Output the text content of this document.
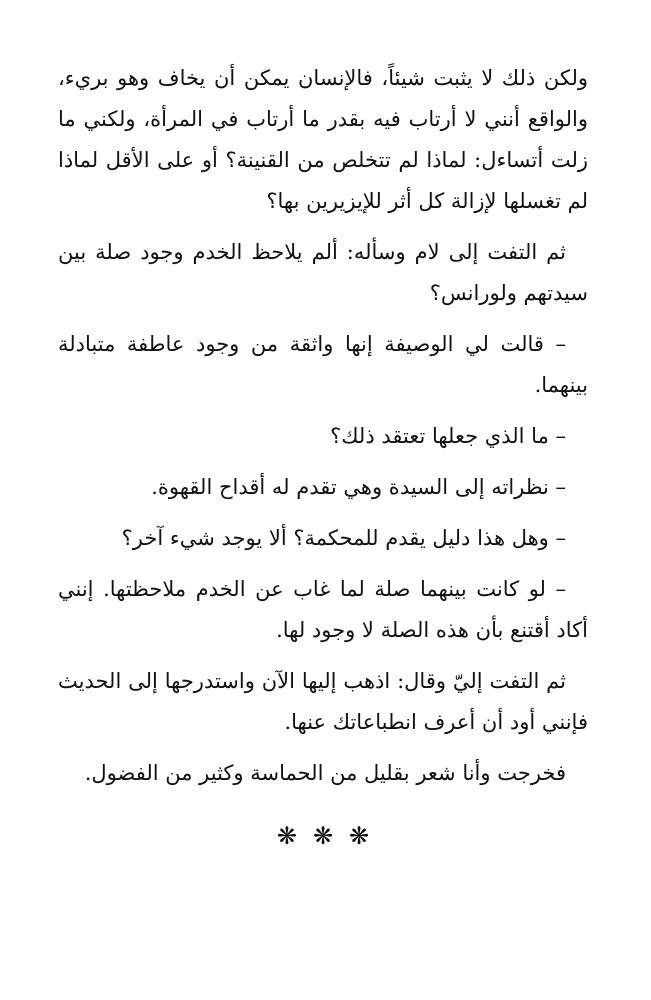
ولكن ذلك لا يثبت شيئاً، فالإنسان يمكن أن يخاف وهو بريء، والواقع أنني لا أرتاب فيه بقدر ما أرتاب في المرأة، ولكني ما زلت أتساءل: لماذا لم تتخلص من القنينة؟ أو على الأقل لماذا لم تغسلها لإزالة كل أثر للإيزيرين بها؟

ثم التفت إلى لام وسأله: ألم يلاحظ الخدم وجود صلة بين سيدتهم ولورانس؟

– قالت لي الوصيفة إنها واثقة من وجود عاطفة متبادلة بينهما.

– ما الذي جعلها تعتقد ذلك؟

– نظراته إلى السيدة وهي تقدم له أقداح القهوة.

– وهل هذا دليل يقدم للمحكمة؟ ألا يوجد شيء آخر؟

– لو كانت بينهما صلة لما غاب عن الخدم ملاحظتها. إنني أكاد أقتنع بأن هذه الصلة لا وجود لها.

ثم التفت إليّ وقال: اذهب إليها الآن واستدرجها إلى الحديث فإنني أود أن أعرف انطباعاتك عنها.

فخرجت وأنا شعر بقليل من الحماسة وكثير من الفضول.

❋❋❋
